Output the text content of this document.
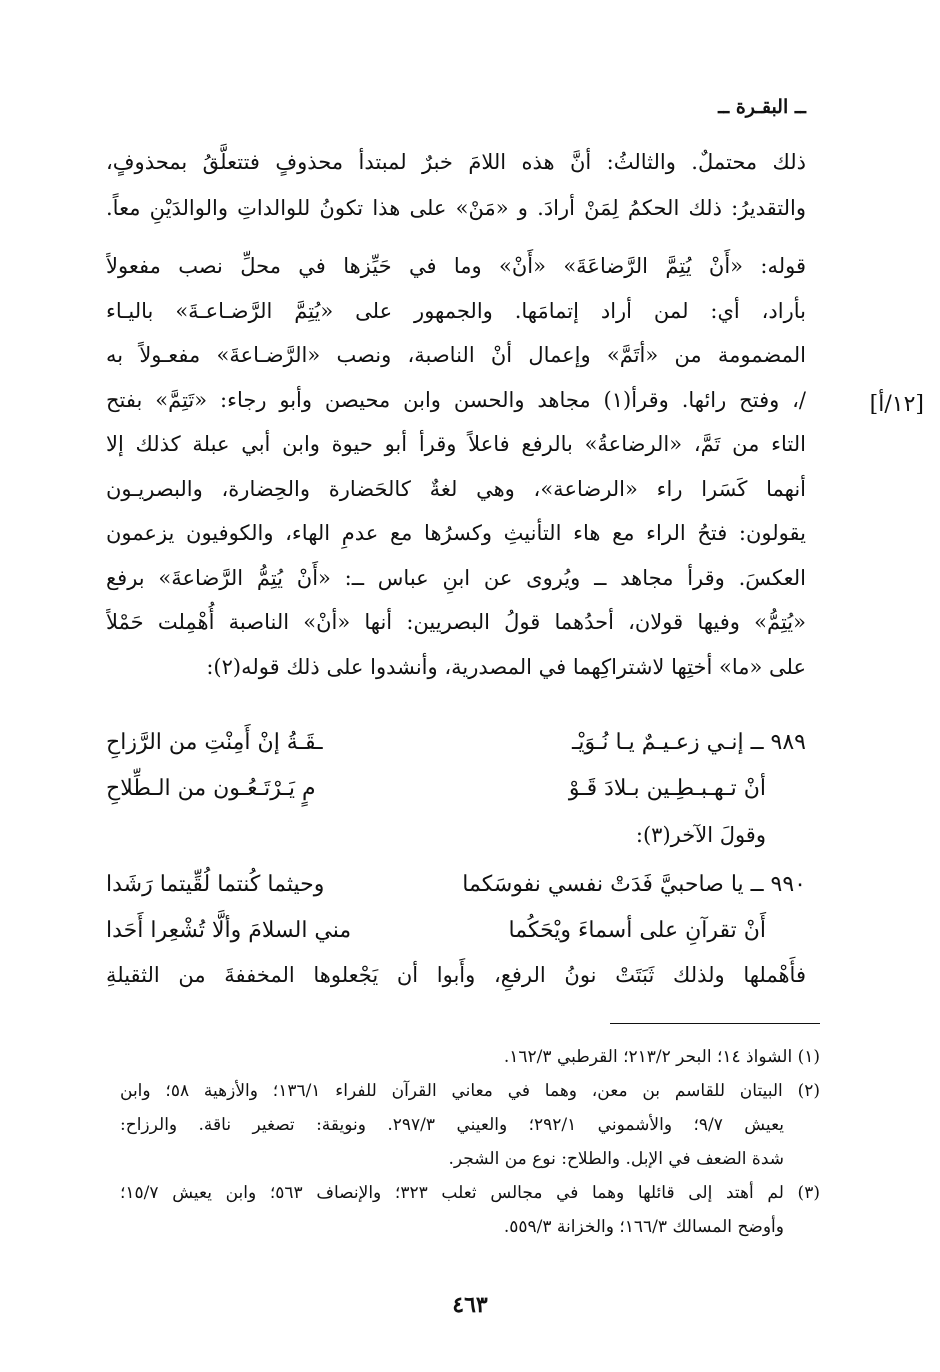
ــ البقـرة ــ
[١٢/أ]
ذلك محتملٌ. والثالثُ: أنَّ هذه اللامَ خبرٌ لمبتدأ محذوفٍ فتتعلَّقُ بمحذوفٍ،
والتقديرُ: ذلك الحكمُ لِمَنْ أرادَ. و «مَنْ» على هذا تكونُ للوالداتِ والوالدَيْنِ معاً.
قوله: «أَنْ يُتِمَّ الرَّضاعَةَ» «أَنْ» وما في حَيِّزها في محلِّ نصب مفعولاً
بأراد، أي: لمن أراد إتمامَها. والجمهور على «يُتِمَّ الرَّضـاعـةَ» باليـاء
المضمومة من «أتَمَّ» وإعمال أنْ الناصبة، ونصب «الرَّضـاعةَ» مفعـولاً به
/، وفتح رائها. وقرأ(١) مجاهد والحسن وابن محيصن وأبو رجاء: «تَتِمَّ» بفتح
التاء من تَمَّ، «الرضاعةُ» بالرفع فاعلاً وقرأ أبو حيوة وابن أبي عبلة كذلك إلا
أنهما كَسَرا راء «الرضاعة»، وهي لغةٌ كالحَضارة والحِضارة، والبصريـون
يقولون: فتحُ الراء مع هاء التأنيثِ وكسرُها مع عدمِ الهاء، والكوفيون يزعمون
العكسَ. وقرأ مجاهد ــ ويُروى عن ابنِ عباس ــ: «أَنْ يُتِمُّ الرَّضاعةَ» برفع
«يُتِمُّ» وفيها قولان، أحدُهما قولُ البصريين: أنها «أنْ» الناصبة أُهْمِلت حَمْلاً
على «ما» أختِها لاشتراكِهما في المصدرية، وأنشدوا على ذلك قوله(٢):
٩٨٩ ــ إنـي زعـيـمٌ يـا نُـوَيْـ
ـقَـةُ إنْ أَمِنْتِ من الرَّزاحِ
أنْ تـهـبـطِـين بـلادَ قَـوْ
مٍ يَـرْتَـعُـون من الـطِّلاحِ
وقولَ الآخر(٣):
٩٩٠ ــ يا صاحبيَّ فَدَتْ نفسي نفوسَكما
وحيثما كُنتما لُقِّيتما رَشَدا
أَنْ تقرآنِ على أسماءَ ويْحَكُما
مني السلامَ وألَّا تُشْعِرا أَحَدا
فأَهْملها ولذلك ثَبَتَتْ نونُ الرفعِ، وأَبوا أن يَجْعلوها المخففةَ من الثقيلةِ
(١) الشواذ ١٤؛ البحر ٢١٣/٢؛ القرطبي ١٦٢/٣.
(٢) البيتان للقاسم بن معن، وهما في معاني القرآن للفراء ١٣٦/١؛ والأزهية ٥٨؛ وابن
يعيش ٩/٧؛ والأشموني ٢٩٢/١؛ والعيني ٢٩٧/٣. ونويقة: تصغير ناقة. والرزاح:
شدة الضعف في الإبل. والطلاح: نوع من الشجر.
(٣) لم أهتد إلى قائلها وهما في مجالس ثعلب ٣٢٣؛ والإنصاف ٥٦٣؛ وابن يعيش ١٥/٧؛
وأوضح المسالك ١٦٦/٣؛ والخزانة ٥٥٩/٣.
٤٦٣
